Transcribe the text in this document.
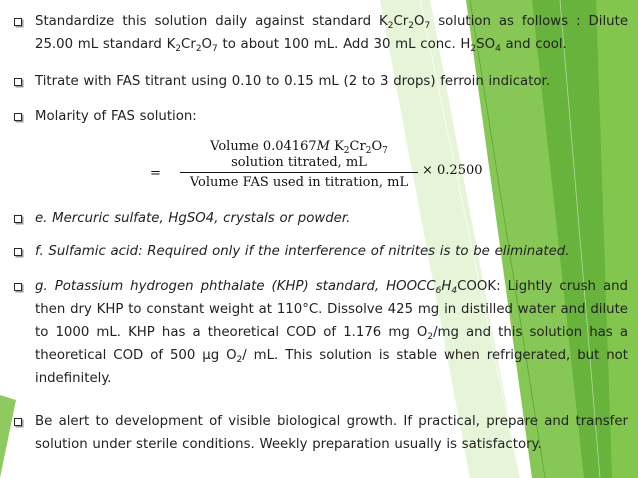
Standardize this solution daily against standard $K_2Cr_2O_7$ solution as follows : Dilute
25.00 mL standard $K_2Cr_2O_7$ to about 100 mL. Add 30 mL conc. $H_2SO_4$ and cool.
Titrate with FAS titrant using 0.10 to 0.15 mL (2 to 3 drops) ferroin indicator.
Molarity of FAS solution:
=
Volume 0.04167M $K_2Cr_2O_7$
solution titrated, mL
Volume FAS used in titration, mL
× 0.2500
e. Mercuric sulfate, HgSO4, crystals or powder.
f. Sulfamic acid: Required only if the interference of nitrites is to be eliminated.
g. Potassium hydrogen phthalate (KHP) standard, $HOOCC_6H_4COOK$: Lightly crush and then dry KHP to constant weight at 110°C. Dissolve 425 mg in distilled water and dilute to 1000 mL. KHP has a theoretical COD of 1.176 mg $O_2/mg$ and this solution has a theoretical COD of 500 µg $O_2/$ mL. This solution is stable when refrigerated, but not indefinitely.
Be alert to development of visible biological growth. If practical, prepare and transfer solution under sterile conditions. Weekly preparation usually is satisfactory.
